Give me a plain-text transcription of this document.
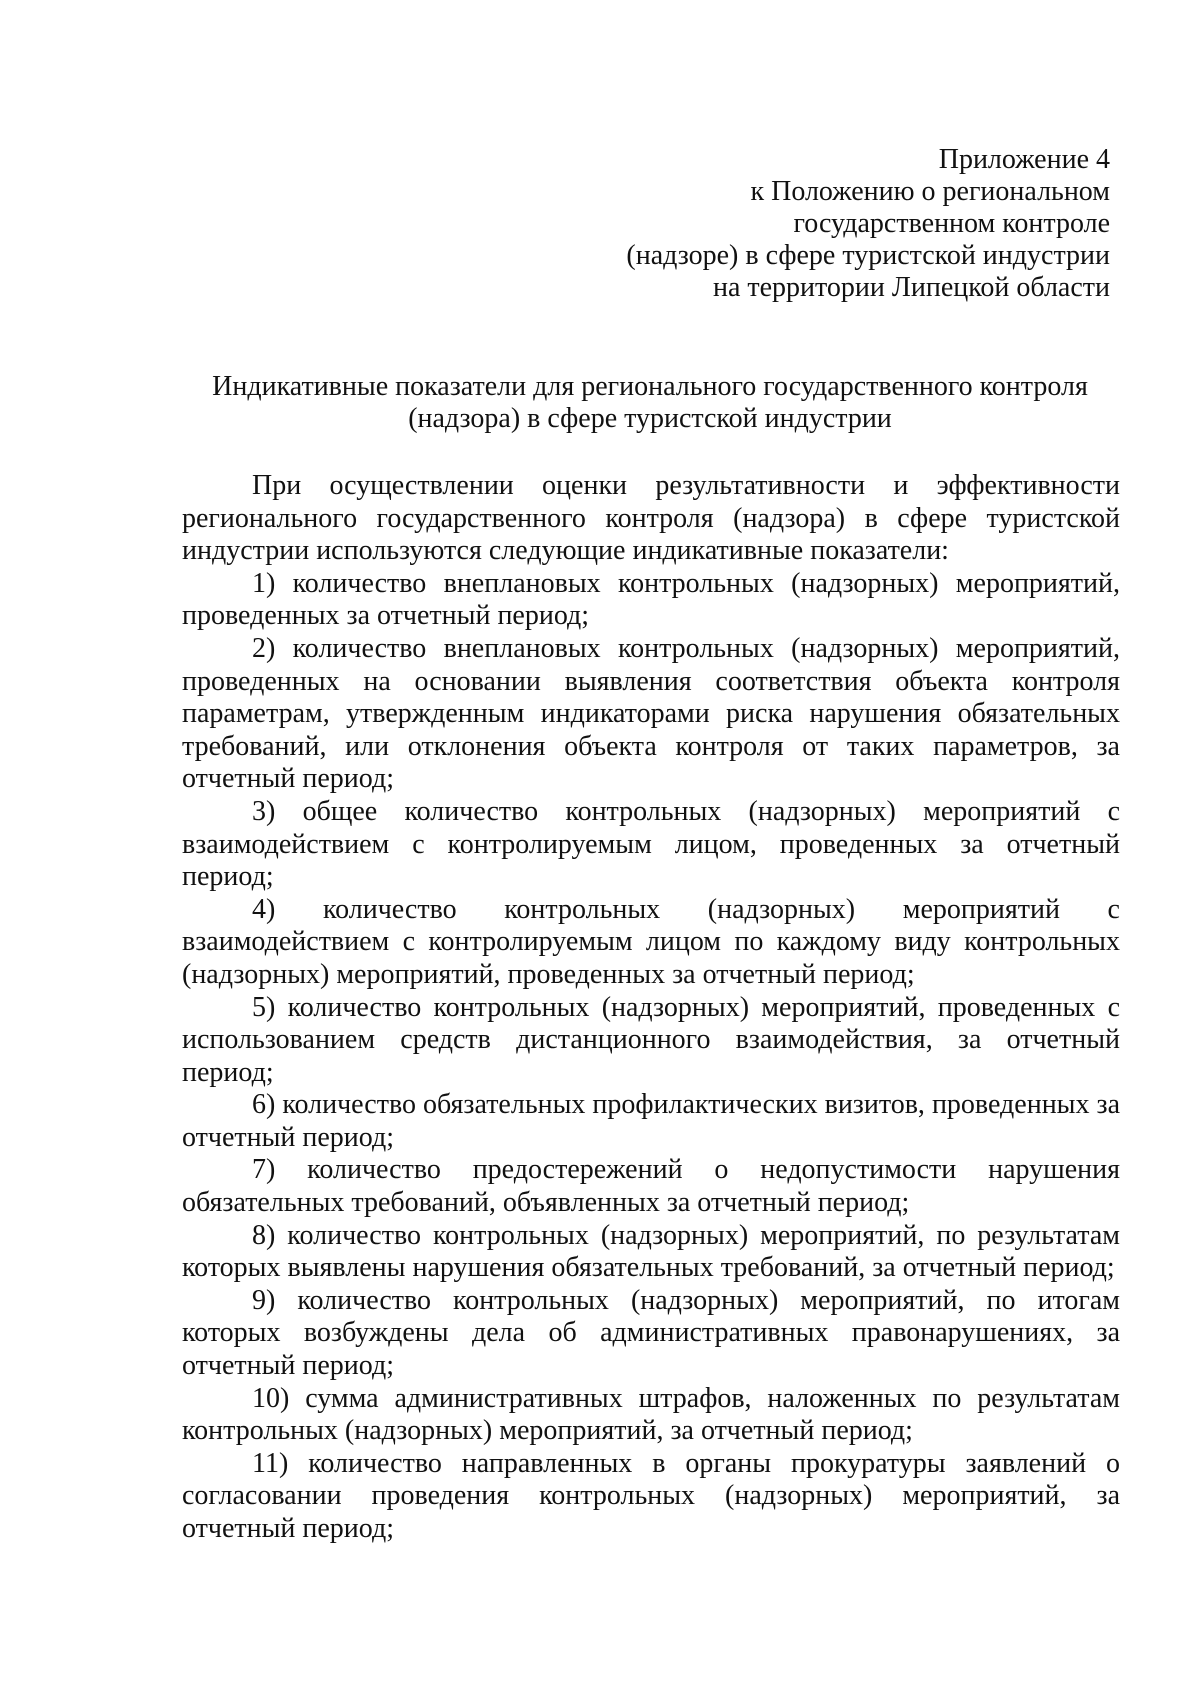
Приложение 4
к Положению о региональном
государственном контроле
(надзоре) в сфере туристской индустрии
на территории Липецкой области
Индикативные показатели для регионального государственного контроля
(надзора) в сфере туристской индустрии

При осуществлении оценки результативности и эффективности регионального государственного контроля (надзора) в сфере туристской индустрии используются следующие индикативные показатели:

1) количество внеплановых контрольных (надзорных) мероприятий, проведенных за отчетный период;

2) количество внеплановых контрольных (надзорных) мероприятий, проведенных на основании выявления соответствия объекта контроля параметрам, утвержденным индикаторами риска нарушения обязательных требований, или отклонения объекта контроля от таких параметров, за отчетный период;

3) общее количество контрольных (надзорных) мероприятий с взаимодействием с контролируемым лицом, проведенных за отчетный период;

4) количество контрольных (надзорных) мероприятий с взаимодействием с контролируемым лицом по каждому виду контрольных (надзорных) мероприятий, проведенных за отчетный период;

5) количество контрольных (надзорных) мероприятий, проведенных с использованием средств дистанционного взаимодействия, за отчетный период;

6) количество обязательных профилактических визитов, проведенных за отчетный период;

7) количество предостережений о недопустимости нарушения обязательных требований, объявленных за отчетный период;

8) количество контрольных (надзорных) мероприятий, по результатам которых выявлены нарушения обязательных требований, за отчетный период;

9) количество контрольных (надзорных) мероприятий, по итогам которых возбуждены дела об административных правонарушениях, за отчетный период;

10) сумма административных штрафов, наложенных по результатам контрольных (надзорных) мероприятий, за отчетный период;

11) количество направленных в органы прокуратуры заявлений о согласовании проведения контрольных (надзорных) мероприятий, за отчетный период;
